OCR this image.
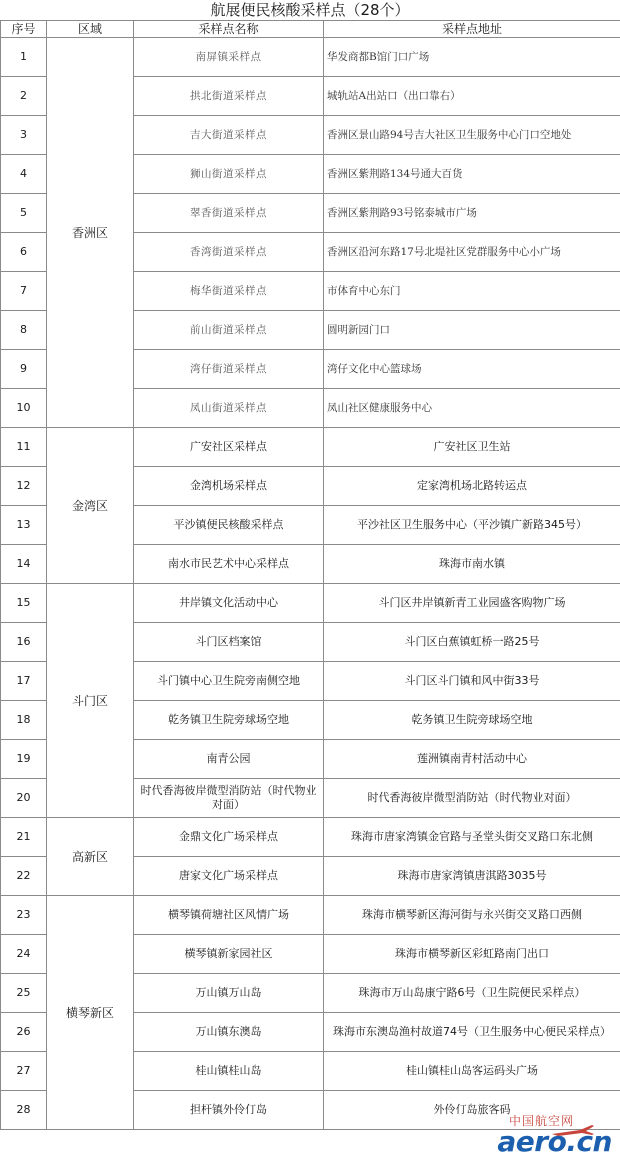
航展便民核酸采样点（28个）
序号	区域	采样点名称	采样点地址
1	香洲区	南屏镇采样点	华发商都B馆门口广场
2		拱北街道采样点	城轨站A出站口（出口靠右）
3		吉大街道采样点	香洲区景山路94号吉大社区卫生服务中心门口空地处
4		狮山街道采样点	香洲区紫荆路134号通大百货
5		翠香街道采样点	香洲区紫荆路93号铭泰城市广场
6		香湾街道采样点	香洲区沿河东路17号北堤社区党群服务中心小广场
7		梅华街道采样点	市体育中心东门
8		前山街道采样点	圆明新园门口
9		湾仔街道采样点	湾仔文化中心篮球场
10		凤山街道采样点	凤山社区健康服务中心
11	金湾区	广安社区采样点	广安社区卫生站
12		金湾机场采样点	定家湾机场北路转运点
13		平沙镇便民核酸采样点	平沙社区卫生服务中心（平沙镇广新路345号）
14		南水市民艺术中心采样点	珠海市南水镇
15	斗门区	井岸镇文化活动中心	斗门区井岸镇新青工业园盛客购物广场
16		斗门区档案馆	斗门区白蕉镇虹桥一路25号
17		斗门镇中心卫生院旁南侧空地	斗门区斗门镇和风中街33号
18		乾务镇卫生院旁球场空地	乾务镇卫生院旁球场空地
19		南青公园	莲洲镇南青村活动中心
20		时代香海彼岸微型消防站（时代物业对面）	时代香海彼岸微型消防站（时代物业对面）
21	高新区	金鼎文化广场采样点	珠海市唐家湾镇金官路与圣堂头街交叉路口东北侧
22		唐家文化广场采样点	珠海市唐家湾镇唐淇路3035号
23	横琴新区	横琴镇荷塘社区风情广场	珠海市横琴新区海河街与永兴街交叉路口西侧
24		横琴镇新家园社区	珠海市横琴新区彩虹路南门出口
25		万山镇万山岛	珠海市万山岛康宁路6号（卫生院便民采样点）
26		万山镇东澳岛	珠海市东澳岛渔村故道74号（卫生服务中心便民采样点）
27		桂山镇桂山岛	桂山镇桂山岛客运码头广场
28		担杆镇外伶仃岛	外伶仃岛旅客码
中国航空网
aero.cn
